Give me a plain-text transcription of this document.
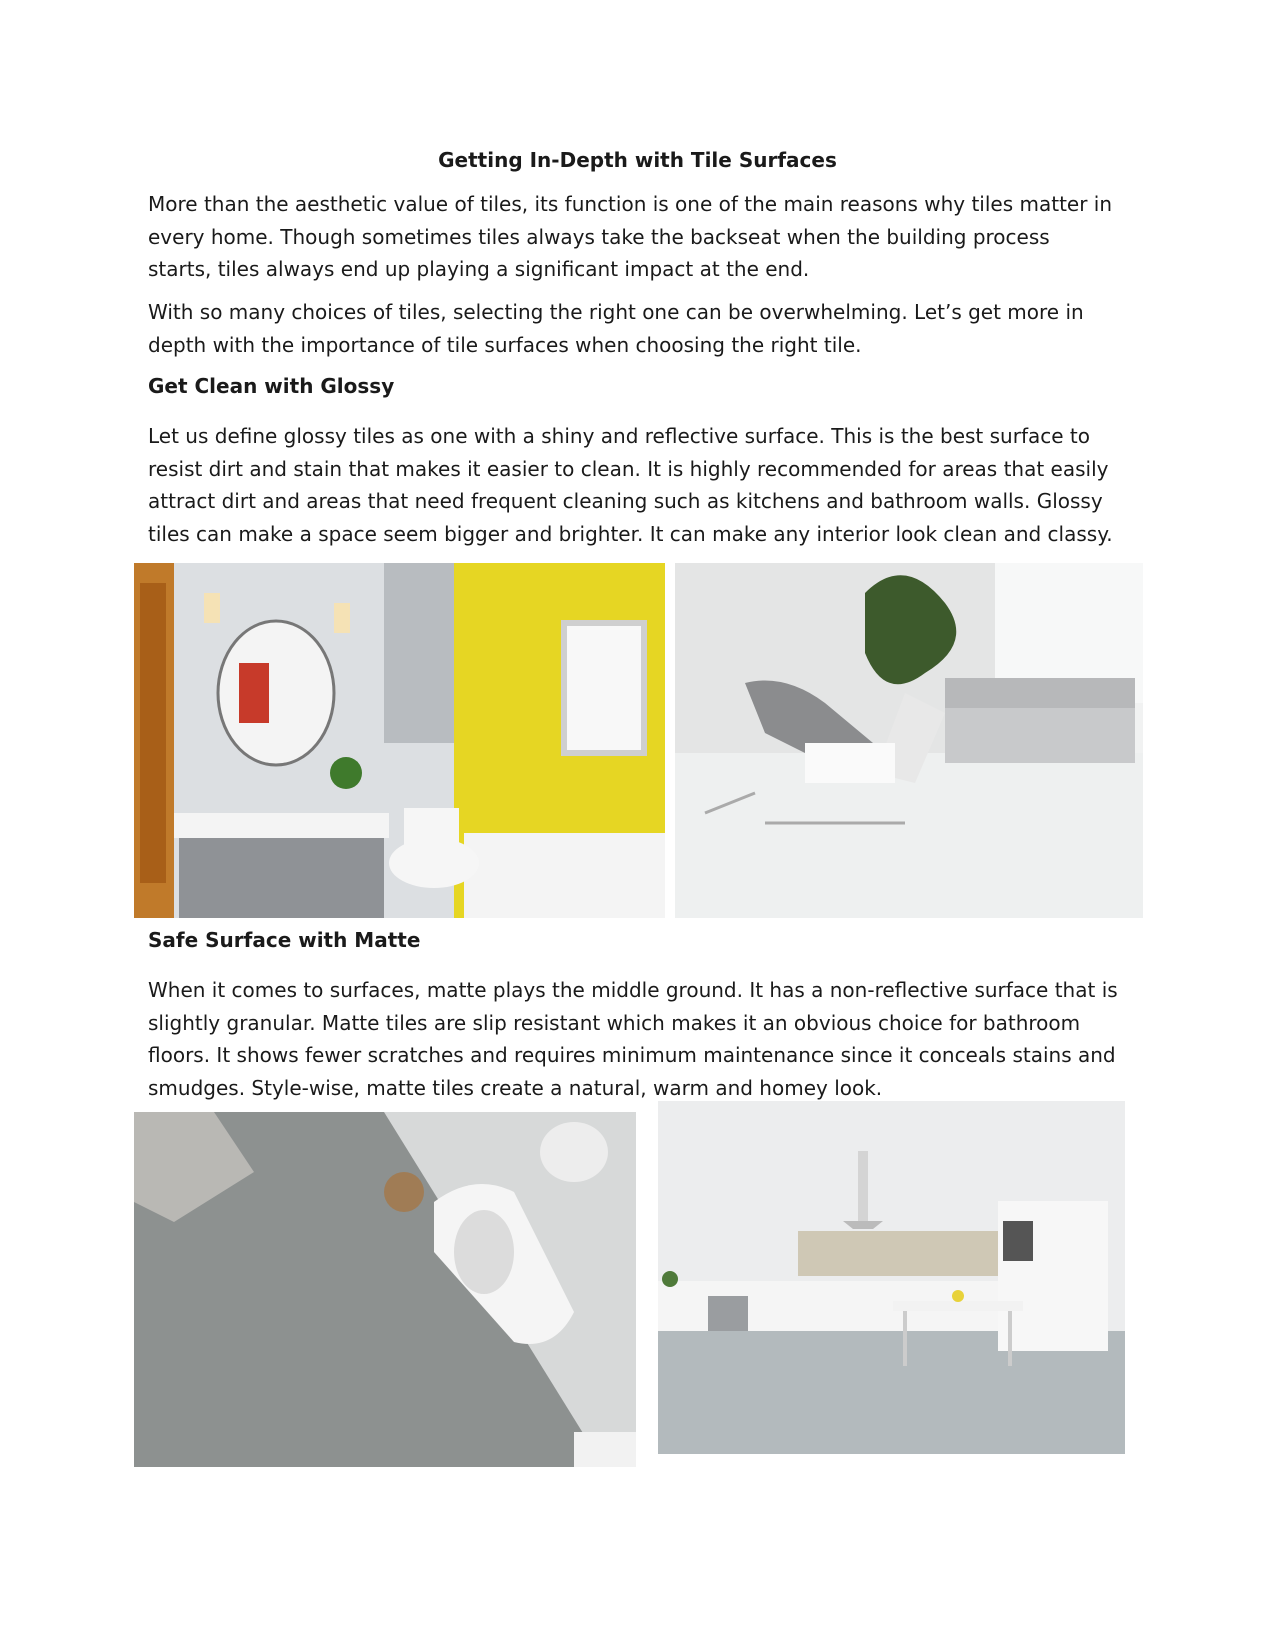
Getting In-Depth with Tile Surfaces

More than the aesthetic value of tiles, its function is one of the main reasons why tiles matter in every home. Though sometimes tiles always take the backseat when the building process starts, tiles always end up playing a significant impact at the end.

With so many choices of tiles, selecting the right one can be overwhelming. Let’s get more in depth with the importance of tile surfaces when choosing the right tile.

Get Clean with Glossy

Let us define glossy tiles as one with a shiny and reflective surface. This is the best surface to resist dirt and stain that makes it easier to clean. It is highly recommended for areas that easily attract dirt and areas that need frequent cleaning such as kitchens and bathroom walls. Glossy tiles can make a space seem bigger and brighter. It can make any interior look clean and classy.

Safe Surface with Matte

When it comes to surfaces, matte plays the middle ground. It has a non-reflective surface that is slightly granular. Matte tiles are slip resistant which makes it an obvious choice for bathroom floors. It shows fewer scratches and requires minimum maintenance since it conceals stains and smudges. Style-wise, matte tiles create a natural, warm and homey look.
